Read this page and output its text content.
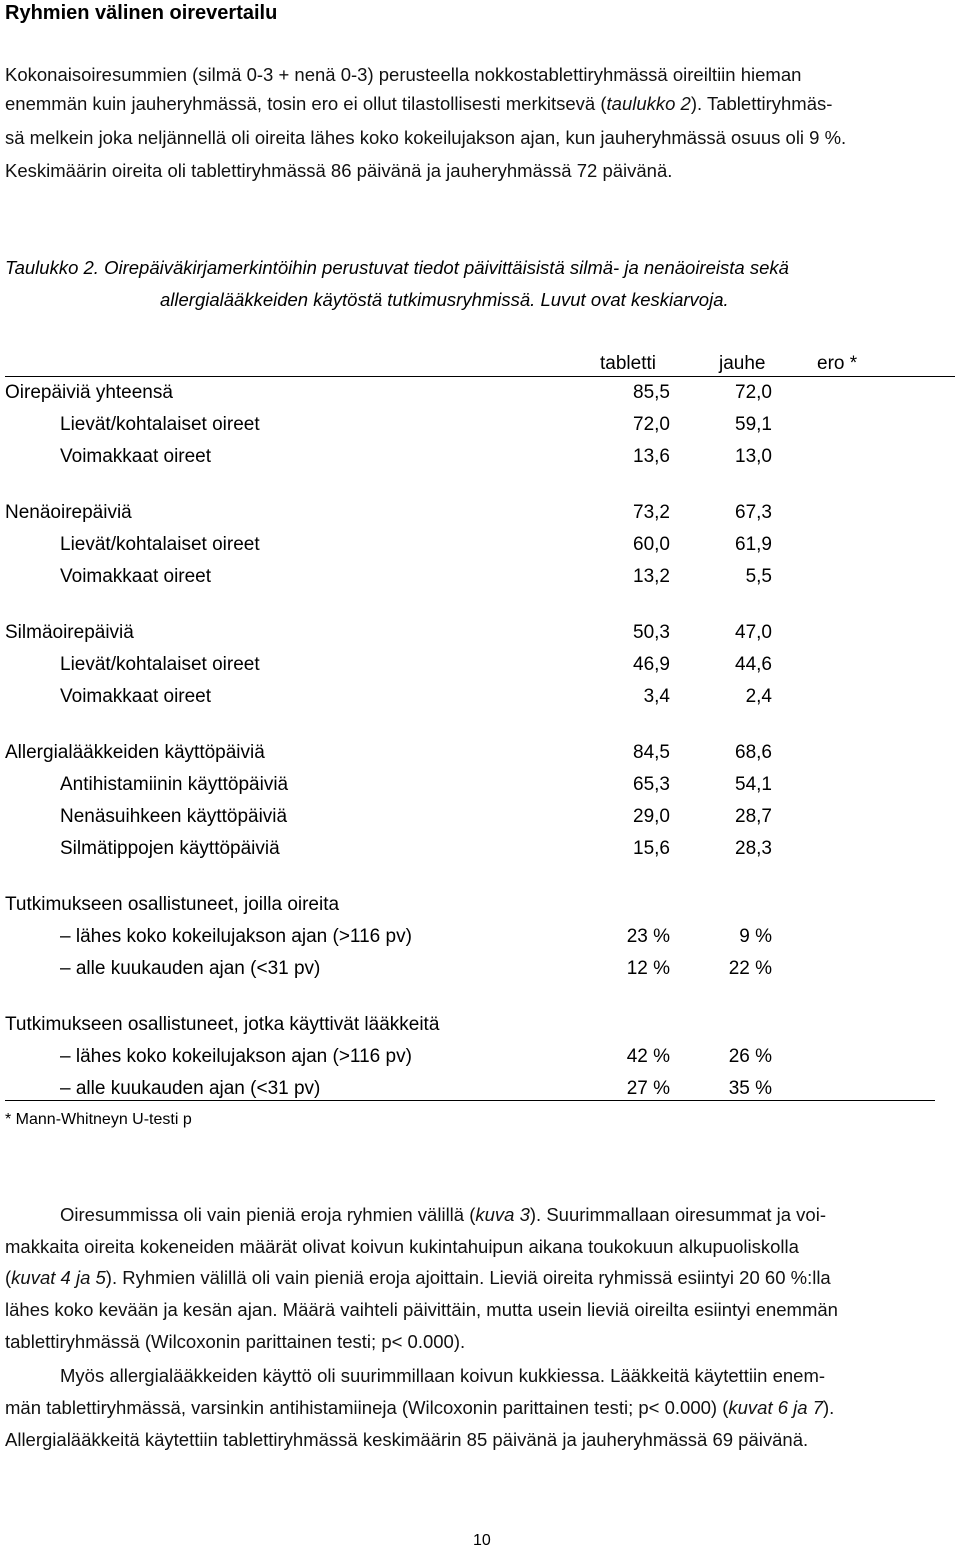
Ryhmien välinen oirevertailu
Kokonaisoiresummien (silmä 0-3 + nenä 0-3) perusteella nokkostablettiryhmässä oireiltiin hieman
enemmän kuin jauheryhmässä, tosin ero ei ollut tilastollisesti merkitsevä (taulukko 2). Tablettiryhmäs-
sä melkein joka neljännellä oli oireita lähes koko kokeilujakson ajan, kun jauheryhmässä osuus oli 9 %.
Keskimäärin oireita oli tablettiryhmässä 86 päivänä ja jauheryhmässä 72 päivänä.
Taulukko 2. Oirepäiväkirjamerkintöihin perustuvat tiedot päivittäisistä silmä- ja nenäoireista sekä
allergialääkkeiden käytöstä tutkimusryhmissä. Luvut ovat keskiarvoja.
tabletti	jauhe	ero *
Oirepäiviä yhteensä	85,5	72,0
Lievät/kohtalaiset oireet	72,0	59,1
Voimakkaat oireet	13,6	13,0
Nenäoirepäiviä	73,2	67,3
Lievät/kohtalaiset oireet	60,0	61,9
Voimakkaat oireet	13,2	5,5
Silmäoirepäiviä	50,3	47,0
Lievät/kohtalaiset oireet	46,9	44,6
Voimakkaat oireet	3,4	2,4
Allergialääkkeiden käyttöpäiviä	84,5	68,6
Antihistamiinin käyttöpäiviä	65,3	54,1
Nenäsuihkeen käyttöpäiviä	29,0	28,7
Silmätippojen käyttöpäiviä	15,6	28,3
Tutkimukseen osallistuneet, joilla oireita
– lähes koko kokeilujakson ajan (>116 pv)	23 %	9 %
– alle kuukauden ajan (<31 pv)	12 %	22 %
Tutkimukseen osallistuneet, jotka käyttivät lääkkeitä
– lähes koko kokeilujakson ajan (>116 pv)	42 %	26 %
– alle kuukauden ajan (<31 pv)	27 %	35 %
* Mann-Whitneyn U-testi p
Oiresummissa oli vain pieniä eroja ryhmien välillä (kuva 3). Suurimmallaan oiresummat ja voi-
makkaita oireita kokeneiden määrät olivat koivun kukintahuipun aikana toukokuun alkupuoliskolla
(kuvat 4 ja 5). Ryhmien välillä oli vain pieniä eroja ajoittain. Lieviä oireita ryhmissä esiintyi 20 60 %:lla
lähes koko kevään ja kesän ajan. Määrä vaihteli päivittäin, mutta usein lieviä oireilta esiintyi enemmän
tablettiryhmässä (Wilcoxonin parittainen testi; p< 0.000).
Myös allergialääkkeiden käyttö oli suurimmillaan koivun kukkiessa. Lääkkeitä käytettiin enem-
män tablettiryhmässä, varsinkin antihistamiineja (Wilcoxonin parittainen testi; p< 0.000) (kuvat 6 ja 7).
Allergialääkkeitä käytettiin tablettiryhmässä keskimäärin 85 päivänä ja jauheryhmässä 69 päivänä.
10
